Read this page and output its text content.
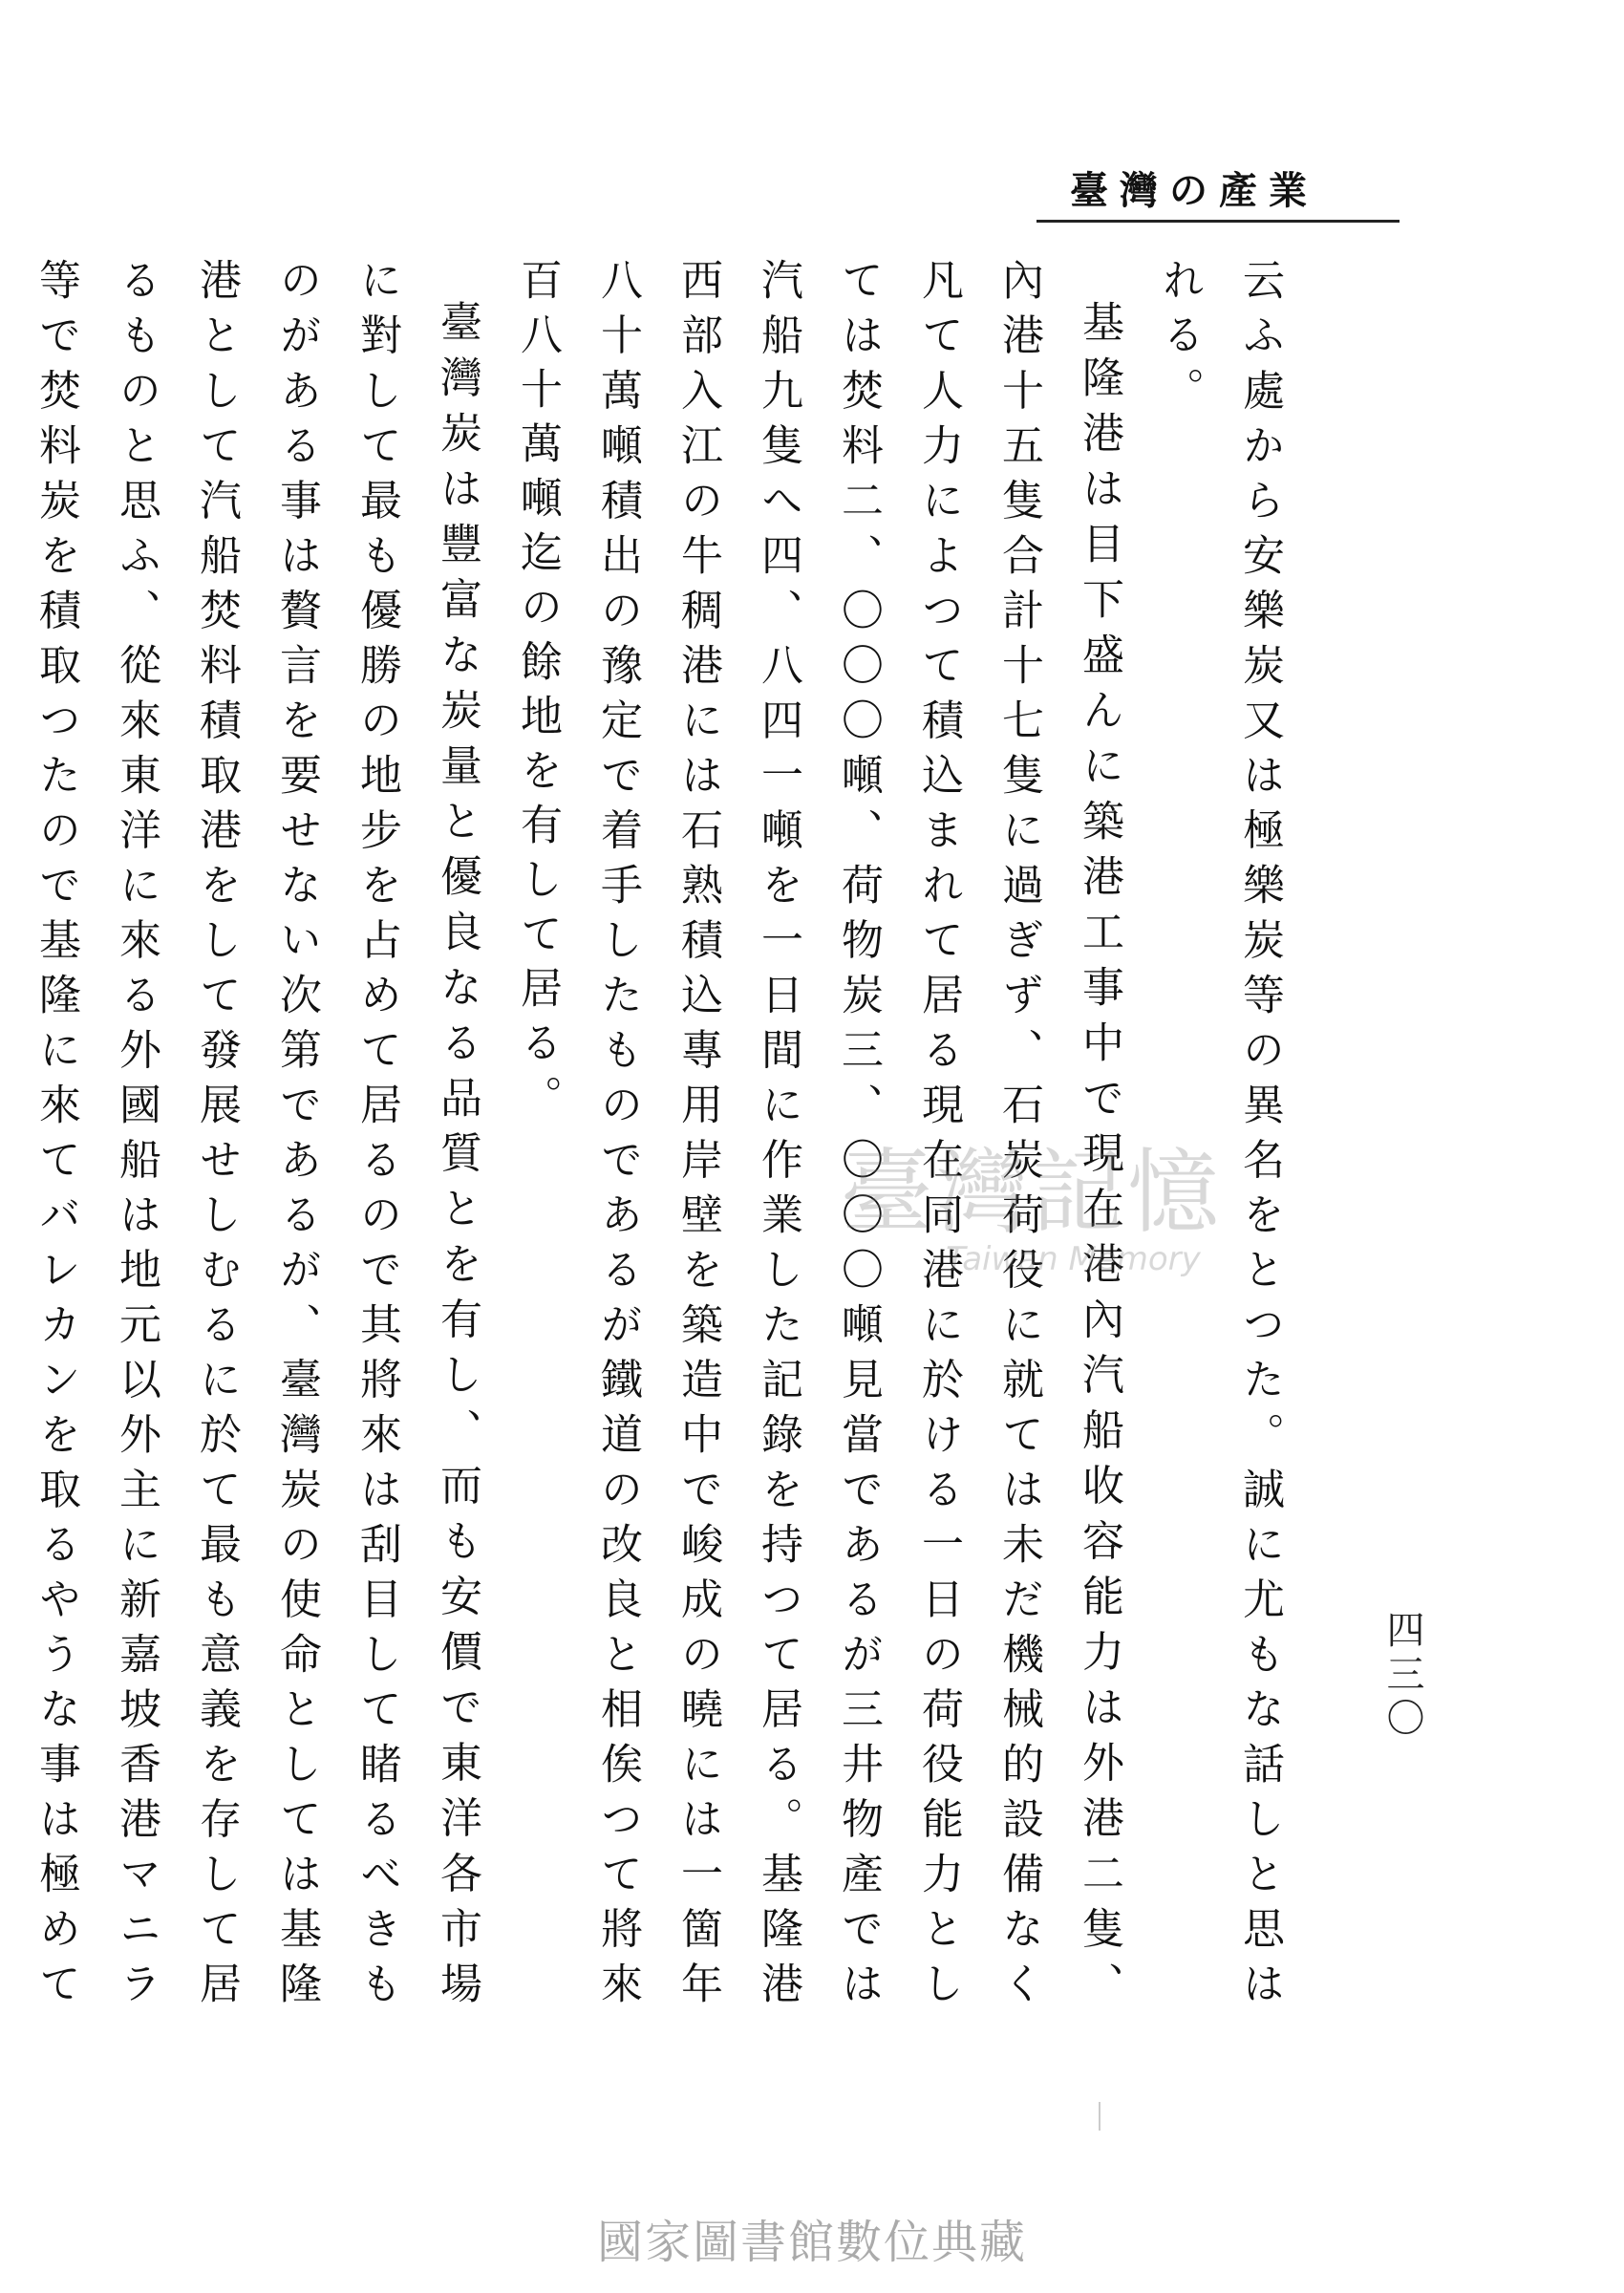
臺灣の產業
四三〇

云ふ處から安樂炭又は極樂炭等の異名をとつた。誠に尤もな話しと思はれる。

基隆港は目下盛んに築港工事中で現在港內汽船收容能力は外港二隻、內港十五隻合計十七隻に過ぎず、石炭荷役に就ては未だ機械的設備なく凡て人力によつて積込まれて居る現在同港に於ける一日の荷役能力としては焚料二、〇〇〇噸、荷物炭三、〇〇〇噸見當であるが三井物產では汽船九隻へ四、八四一噸を一日間に作業した記錄を持つて居る。基隆港西部入江の牛稠港には石熟積込專用岸壁を築造中で峻成の曉には一箇年八十萬噸積出の豫定で着手したものであるが鐵道の改良と相俟つて將來百八十萬噸迄の餘地を有して居る。

臺灣炭は豐富な炭量と優良なる品質とを有し、而も安價で東洋各市場に對して最も優勝の地步を占めて居るので其將來は刮目して睹るべきものがある事は贅言を要せない次第であるが、臺灣炭の使命としては基隆港として汽船焚料積取港をして發展せしむるに於て最も意義を存して居るものと思ふ、從來東洋に來る外國船は地元以外主に新嘉坡香港マニラ等で焚料炭を積取つたので基隆に來てバレカンを取るやうな事は極めて

臺灣記憶
Taiwan Memory
國家圖書館數位典藏
